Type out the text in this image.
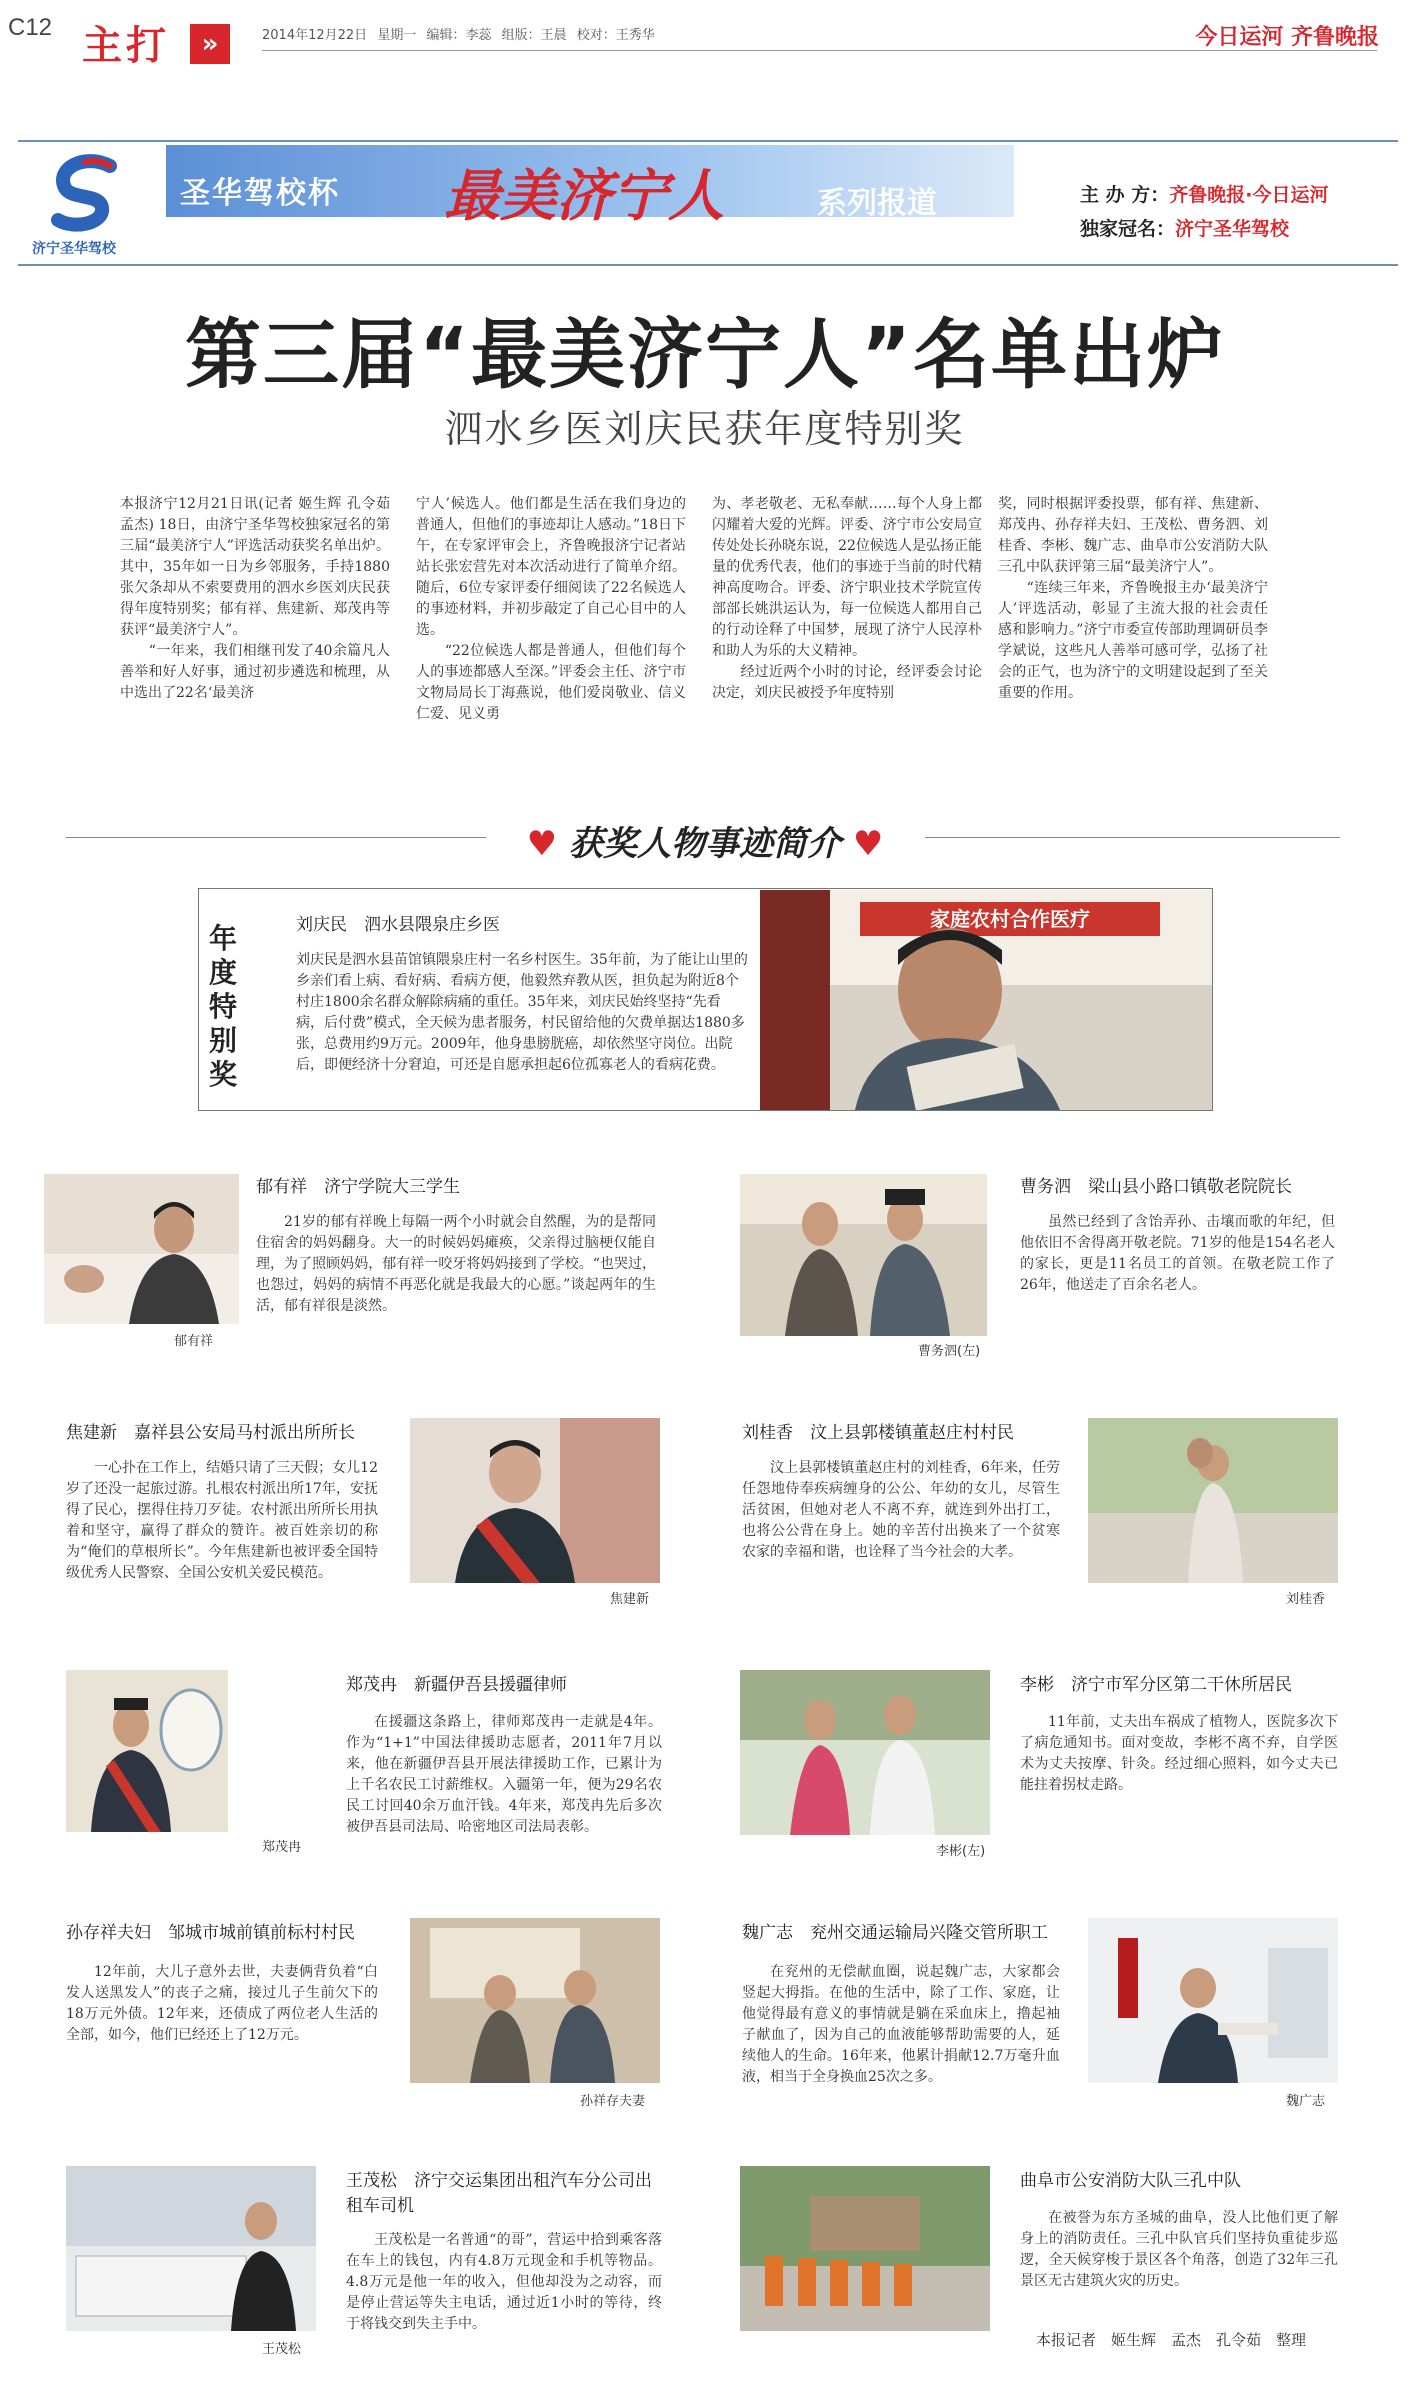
C12 主打	»	2014年12月22日 星期一 编辑：李蕊 组版：王晨 校对：王秀华	今日运河 齐鲁晚报
济宁圣华驾校
圣华驾校杯 最美济宁人	系列报道	主 办 方：齐鲁晚报·今日运河
独家冠名：济宁圣华驾校
第三届“最美济宁人”名单出炉
泗水乡医刘庆民获年度特别奖
本报济宁12月21日讯(记者 姬生辉 孔令茹 孟杰) 18日，由济宁圣华驾校独家冠名的第三届“最美济宁人”评选活动获奖名单出炉。其中，35年如一日为乡邻服务，手持1880张欠条却从不索要费用的泗水乡医刘庆民获得年度特别奖；郁有祥、焦建新、郑茂冉等获评“最美济宁人”。
　　“一年来，我们相继刊发了40余篇凡人善举和好人好事，通过初步遴选和梳理，从中选出了22名‘最美济
宁人’候选人。他们都是生活在我们身边的普通人，但他们的事迹却让人感动。”18日下午，在专家评审会上，齐鲁晚报济宁记者站站长张宏营先对本次活动进行了简单介绍。随后，6位专家评委仔细阅读了22名候选人的事迹材料，并初步敲定了自己心目中的人选。
　　“22位候选人都是普通人，但他们每个人的事迹都感人至深。”评委会主任、济宁市文物局局长丁海燕说，他们爱岗敬业、信义仁爱、见义勇
为、孝老敬老、无私奉献……每个人身上都闪耀着大爱的光辉。评委、济宁市公安局宣传处处长孙晓东说，22位候选人是弘扬正能量的优秀代表，他们的事迹于当前的时代精神高度吻合。评委、济宁职业技术学院宣传部部长姚洪运认为，每一位候选人都用自己的行动诠释了中国梦，展现了济宁人民淳朴和助人为乐的大义精神。
　　经过近两个小时的讨论，经评委会讨论决定，刘庆民被授予年度特别
奖，同时根据评委投票，郁有祥、焦建新、郑茂冉、孙存祥夫妇、王茂松、曹务泗、刘桂香、李彬、魏广志、曲阜市公安消防大队三孔中队获评第三届“最美济宁人”。
　　“连续三年来，齐鲁晚报主办‘最美济宁人’评选活动，彰显了主流大报的社会责任感和影响力。”济宁市委宣传部助理调研员李学斌说，这些凡人善举可感可学，弘扬了社会的正气，也为济宁的文明建设起到了至关重要的作用。
♥ 获奖人物事迹简介 ♥
年度特别奖
刘庆民　泗水县隈泉庄乡医
刘庆民是泗水县苗馆镇隈泉庄村一名乡村医生。35年前，为了能让山里的乡亲们看上病、看好病、看病方便，他毅然弃教从医，担负起为附近8个村庄1800余名群众解除病痛的重任。35年来，刘庆民始终坚持“先看病，后付费”模式，全天候为患者服务，村民留给他的欠费单据达1880多张，总费用约9万元。2009年，他身患膀胱癌，却依然坚守岗位。出院后，即便经济十分窘迫，可还是自愿承担起6位孤寡老人的看病花费。
家庭农村合作医疗
郁有祥
郁有祥　济宁学院大三学生
21岁的郁有祥晚上每隔一两个小时就会自然醒，为的是帮同住宿舍的妈妈翻身。大一的时候妈妈瘫痪，父亲得过脑梗仅能自理，为了照顾妈妈，郁有祥一咬牙将妈妈接到了学校。“也哭过，也怨过，妈妈的病情不再恶化就是我最大的心愿。”谈起两年的生活，郁有祥很是淡然。
曹务泗(左)
曹务泗　梁山县小路口镇敬老院院长
虽然已经到了含饴弄孙、击壤而歌的年纪，但他依旧不舍得离开敬老院。71岁的他是154名老人的家长，更是11名员工的首领。在敬老院工作了26年，他送走了百余名老人。
焦建新　嘉祥县公安局马村派出所所长
一心扑在工作上，结婚只请了三天假；女儿12岁了还没一起旅过游。扎根农村派出所17年，安抚得了民心，摆得住持刀歹徒。农村派出所所长用执着和坚守，赢得了群众的赞许。被百姓亲切的称为“俺们的草根所长”。今年焦建新也被评委全国特级优秀人民警察、全国公安机关爱民模范。
焦建新
刘桂香　汶上县郭楼镇董赵庄村村民
汶上县郭楼镇董赵庄村的刘桂香，6年来，任劳任怨地侍奉疾病缠身的公公、年幼的女儿，尽管生活贫困，但她对老人不离不弃，就连到外出打工，也将公公背在身上。她的辛苦付出换来了一个贫寒农家的幸福和谐，也诠释了当今社会的大孝。
刘桂香
郑茂冉
郑茂冉　新疆伊吾县援疆律师
在援疆这条路上，律师郑茂冉一走就是4年。作为“1+1”中国法律援助志愿者，2011年7月以来，他在新疆伊吾县开展法律援助工作，已累计为上千名农民工讨薪维权。入疆第一年，便为29名农民工讨回40余万血汗钱。4年来，郑茂冉先后多次被伊吾县司法局、哈密地区司法局表彰。
李彬(左)
李彬　济宁市军分区第二干休所居民
11年前，丈夫出车祸成了植物人，医院多次下了病危通知书。面对变故，李彬不离不弃，自学医术为丈夫按摩、针灸。经过细心照料，如今丈夫已能拄着拐杖走路。
孙存祥夫妇　邹城市城前镇前标村村民
12年前，大儿子意外去世，夫妻俩背负着“白发人送黑发人”的丧子之痛，接过儿子生前欠下的18万元外债。12年来，还债成了两位老人生活的全部，如今，他们已经还上了12万元。
孙祥存夫妻
魏广志　兖州交通运输局兴隆交管所职工
在兖州的无偿献血圈，说起魏广志，大家都会竖起大拇指。在他的生活中，除了工作、家庭，让他觉得最有意义的事情就是躺在采血床上，撸起袖子献血了，因为自己的血液能够帮助需要的人，延续他人的生命。16年来，他累计捐献12.7万毫升血液，相当于全身换血25次之多。
魏广志
王茂松
王茂松　济宁交运集团出租汽车分公司出租车司机
王茂松是一名普通“的哥”，营运中拾到乘客落在车上的钱包，内有4.8万元现金和手机等物品。4.8万元是他一年的收入，但他却没为之动容，而是停止营运等失主电话，通过近1小时的等待，终于将钱交到失主手中。
曲阜市公安消防大队三孔中队
在被誉为东方圣城的曲阜，没人比他们更了解身上的消防责任。三孔中队官兵们坚持负重徒步巡逻，全天候穿梭于景区各个角落，创造了32年三孔景区无古建筑火灾的历史。
本报记者　姬生辉　孟杰　孔令茹　整理
